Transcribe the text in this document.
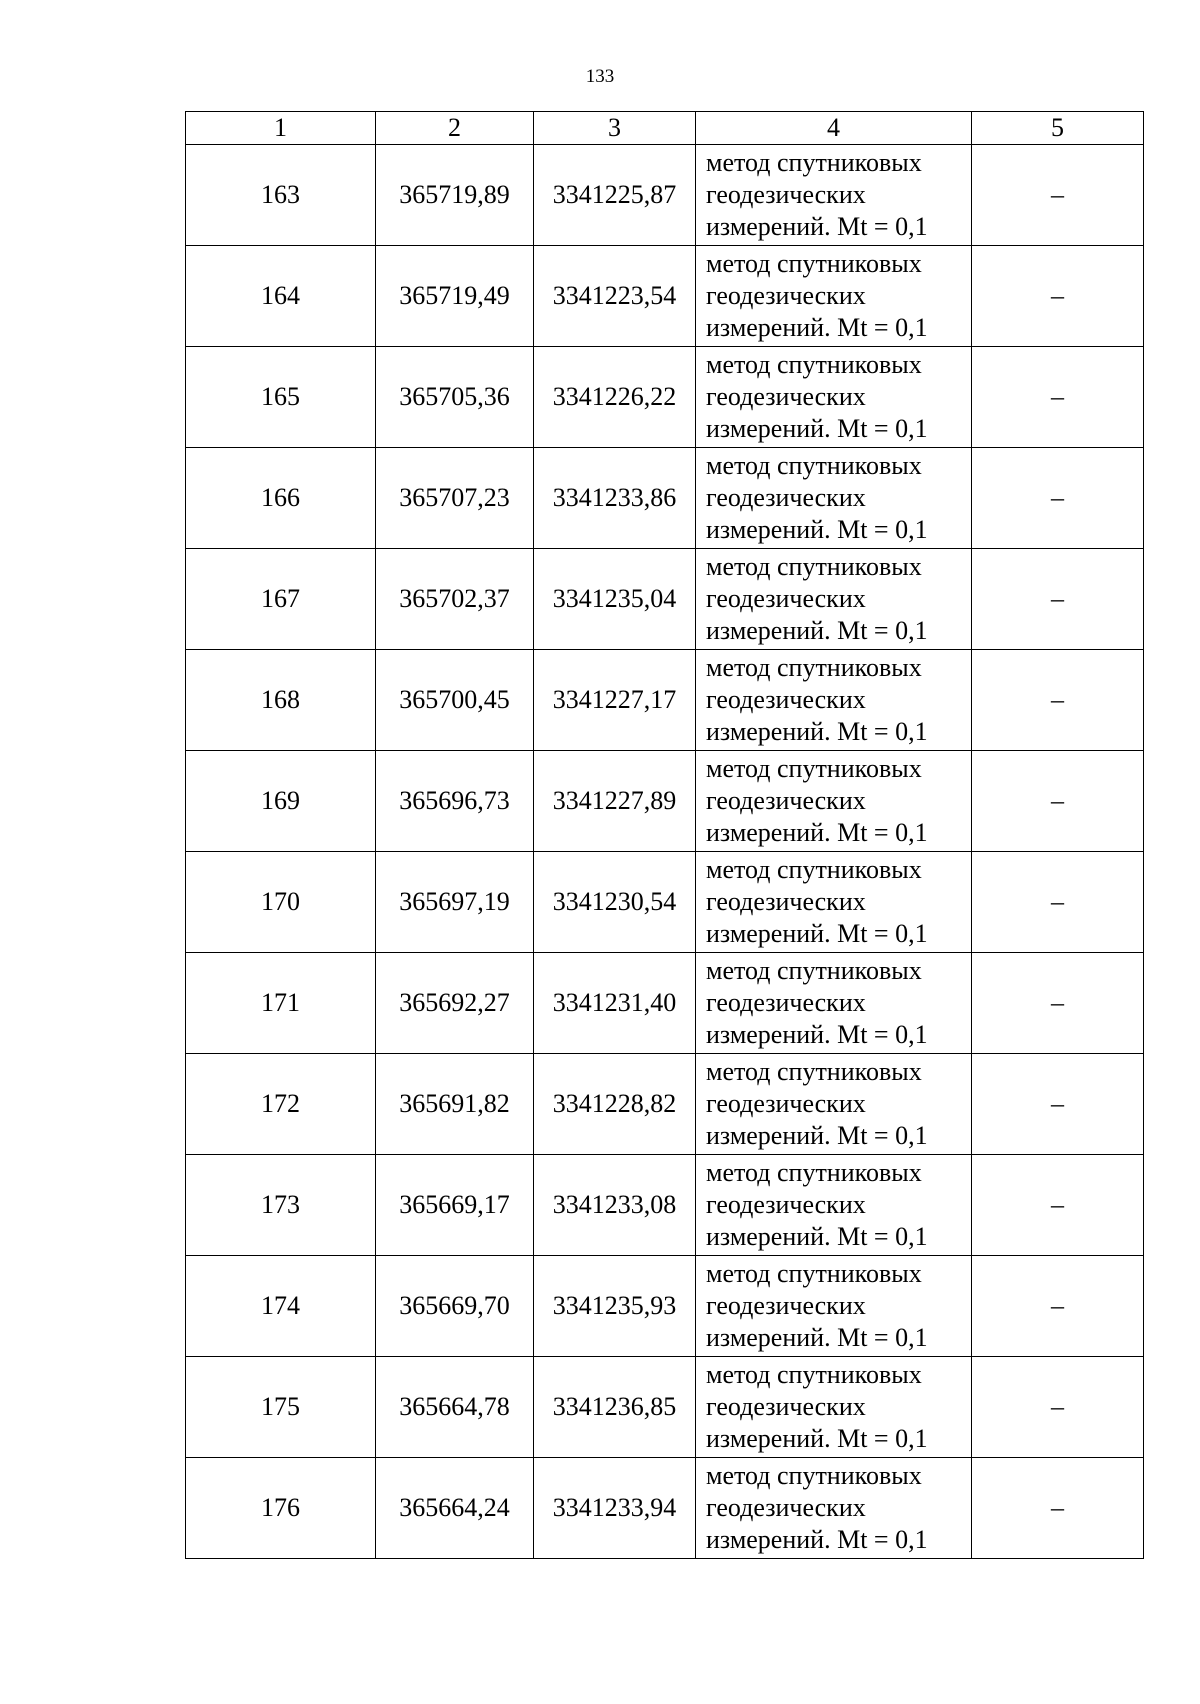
133
1	2	3	4	5
163	365719,89	3341225,87	метод спутниковых
геодезических
измерений. Mt = 0,1	–
164	365719,49	3341223,54	метод спутниковых
геодезических
измерений. Mt = 0,1	–
165	365705,36	3341226,22	метод спутниковых
геодезических
измерений. Mt = 0,1	–
166	365707,23	3341233,86	метод спутниковых
геодезических
измерений. Mt = 0,1	–
167	365702,37	3341235,04	метод спутниковых
геодезических
измерений. Mt = 0,1	–
168	365700,45	3341227,17	метод спутниковых
геодезических
измерений. Mt = 0,1	–
169	365696,73	3341227,89	метод спутниковых
геодезических
измерений. Mt = 0,1	–
170	365697,19	3341230,54	метод спутниковых
геодезических
измерений. Mt = 0,1	–
171	365692,27	3341231,40	метод спутниковых
геодезических
измерений. Mt = 0,1	–
172	365691,82	3341228,82	метод спутниковых
геодезических
измерений. Mt = 0,1	–
173	365669,17	3341233,08	метод спутниковых
геодезических
измерений. Mt = 0,1	–
174	365669,70	3341235,93	метод спутниковых
геодезических
измерений. Mt = 0,1	–
175	365664,78	3341236,85	метод спутниковых
геодезических
измерений. Mt = 0,1	–
176	365664,24	3341233,94	метод спутниковых
геодезических
измерений. Mt = 0,1	–
